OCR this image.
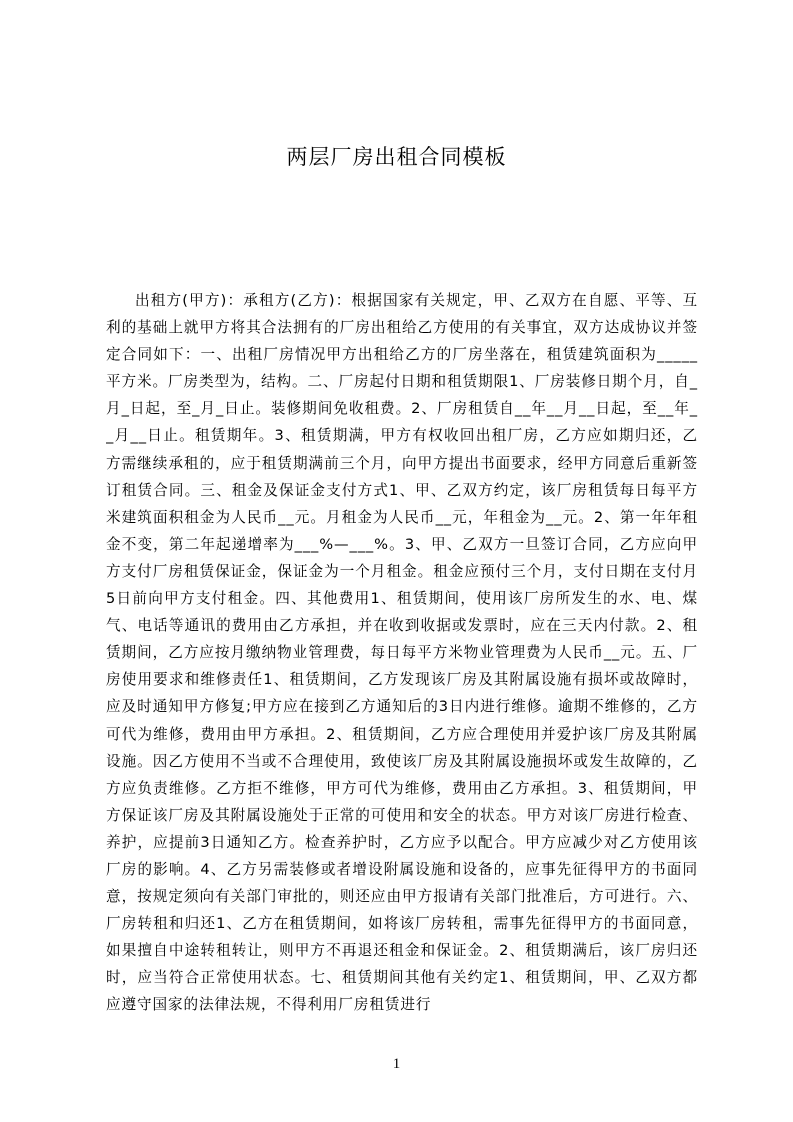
两层厂房出租合同模板

出租方(甲方)：承租方(乙方)：根据国家有关规定，甲、乙双方在自愿、平等、互利的基础上就甲方将其合法拥有的厂房出租给乙方使用的有关事宜，双方达成协议并签定合同如下：一、出租厂房情况甲方出租给乙方的厂房坐落在，租赁建筑面积为_____平方米。厂房类型为，结构。二、厂房起付日期和租赁期限1、厂房装修日期个月，自_月_日起，至_月_日止。装修期间免收租费。2、厂房租赁自__年__月__日起，至__年__月__日止。租赁期年。3、租赁期满，甲方有权收回出租厂房，乙方应如期归还，乙方需继续承租的，应于租赁期满前三个月，向甲方提出书面要求，经甲方同意后重新签订租赁合同。三、租金及保证金支付方式1、甲、乙双方约定，该厂房租赁每日每平方米建筑面积租金为人民币__元。月租金为人民币__元，年租金为__元。2、第一年年租金不变，第二年起递增率为___%—___%。3、甲、乙双方一旦签订合同，乙方应向甲方支付厂房租赁保证金，保证金为一个月租金。租金应预付三个月，支付日期在支付月5日前向甲方支付租金。四、其他费用1、租赁期间，使用该厂房所发生的水、电、煤气、电话等通讯的费用由乙方承担，并在收到收据或发票时，应在三天内付款。2、租赁期间，乙方应按月缴纳物业管理费，每日每平方米物业管理费为人民币__元。五、厂房使用要求和维修责任1、租赁期间，乙方发现该厂房及其附属设施有损坏或故障时，应及时通知甲方修复;甲方应在接到乙方通知后的3日内进行维修。逾期不维修的，乙方可代为维修，费用由甲方承担。2、租赁期间，乙方应合理使用并爱护该厂房及其附属设施。因乙方使用不当或不合理使用，致使该厂房及其附属设施损坏或发生故障的，乙方应负责维修。乙方拒不维修，甲方可代为维修，费用由乙方承担。3、租赁期间，甲方保证该厂房及其附属设施处于正常的可使用和安全的状态。甲方对该厂房进行检查、养护，应提前3日通知乙方。检查养护时，乙方应予以配合。甲方应减少对乙方使用该厂房的影响。4、乙方另需装修或者增设附属设施和设备的，应事先征得甲方的书面同意，按规定须向有关部门审批的，则还应由甲方报请有关部门批准后，方可进行。六、厂房转租和归还1、乙方在租赁期间，如将该厂房转租，需事先征得甲方的书面同意，如果擅自中途转租转让，则甲方不再退还租金和保证金。2、租赁期满后，该厂房归还时，应当符合正常使用状态。七、租赁期间其他有关约定1、租赁期间，甲、乙双方都应遵守国家的法律法规，不得利用厂房租赁进行

1
